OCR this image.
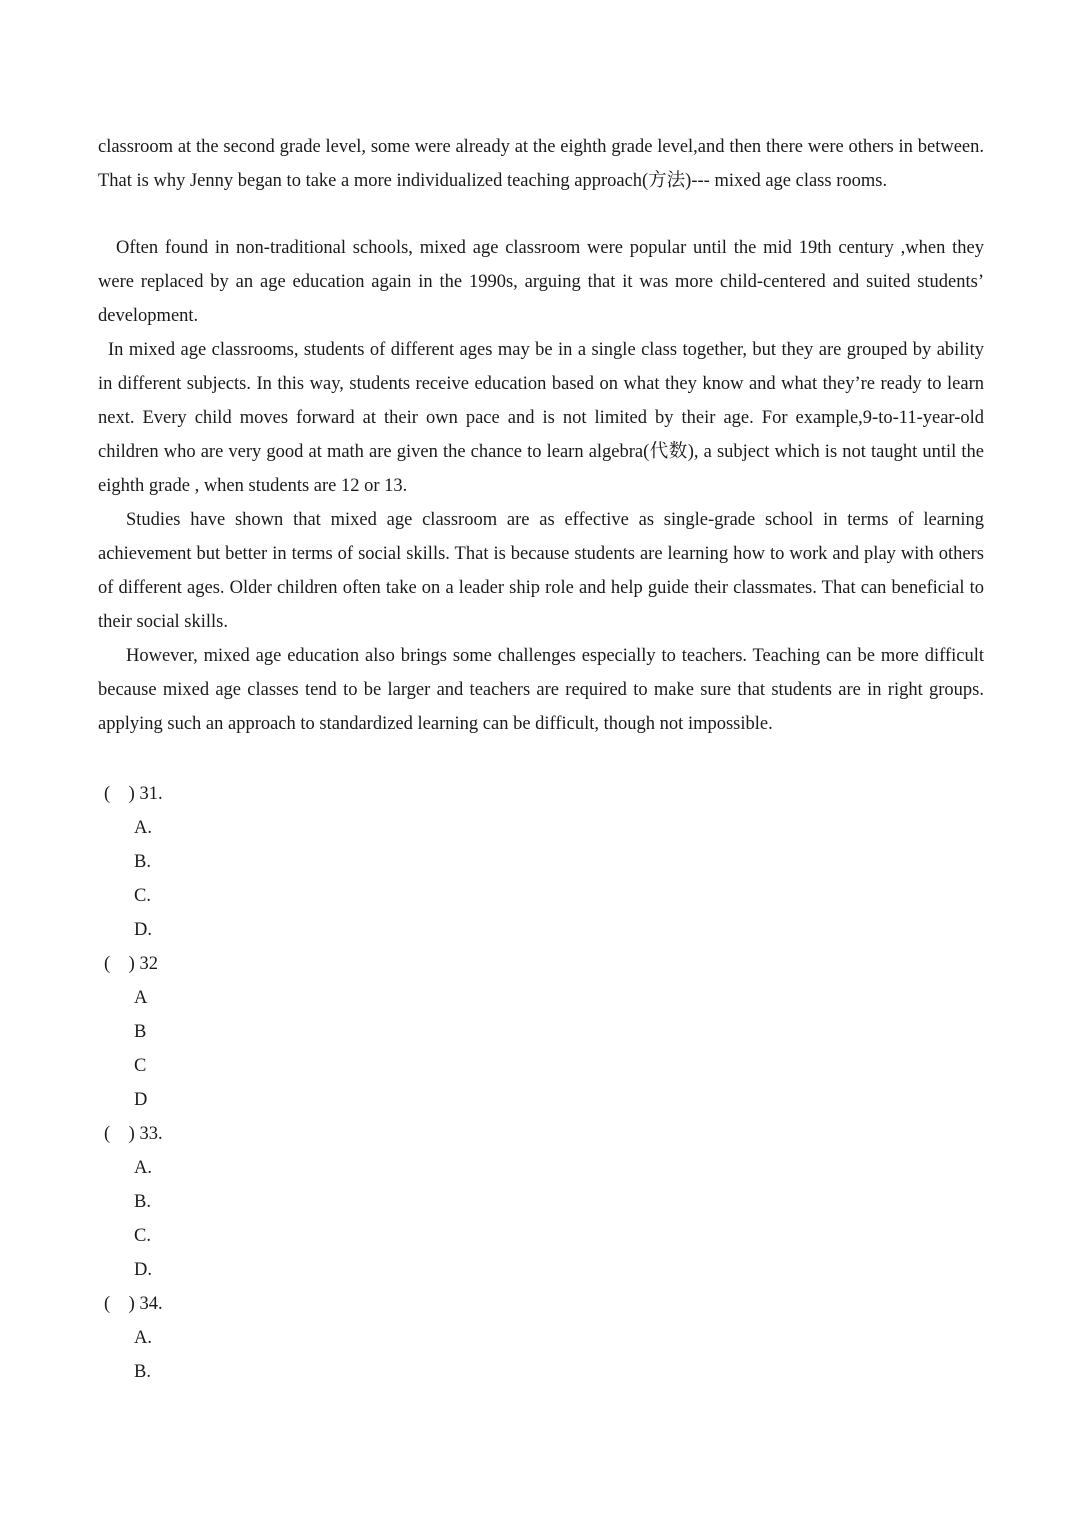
classroom at the second grade level, some were already at the eighth grade level,and then there were others in between. That is why Jenny began to take a more individualized teaching approach(方法)--- mixed age class rooms.

Often found in non-traditional schools, mixed age classroom were popular until the mid 19th century ,when they were replaced by an age education again in the 1990s, arguing that it was more child-centered and suited students’ development.

In mixed age classrooms, students of different ages may be in a single class together, but they are grouped by ability in different subjects. In this way, students receive education based on what they know and what they’re ready to learn next. Every child moves forward at their own pace and is not limited by their age. For example,9-to-11-year-old children who are very good at math are given the chance to learn algebra(代数), a subject which is not taught until the eighth grade , when students are 12 or 13.

Studies have shown that mixed age classroom are as effective as single-grade school in terms of learning achievement but better in terms of social skills. That is because students are learning how to work and play with others of different ages. Older children often take on a leader ship role and help guide their classmates. That can beneficial to their social skills.

However, mixed age education also brings some challenges especially to teachers. Teaching can be more difficult because mixed age classes tend to be larger and teachers are required to make sure that students are in right groups. applying such an approach to standardized learning can be difficult, though not impossible.

(    ) 31.

A.

B.

C.

D.

(    ) 32

A

B

C

D

(    ) 33.

A.

B.

C.

D.

(    ) 34.

A.

B.
